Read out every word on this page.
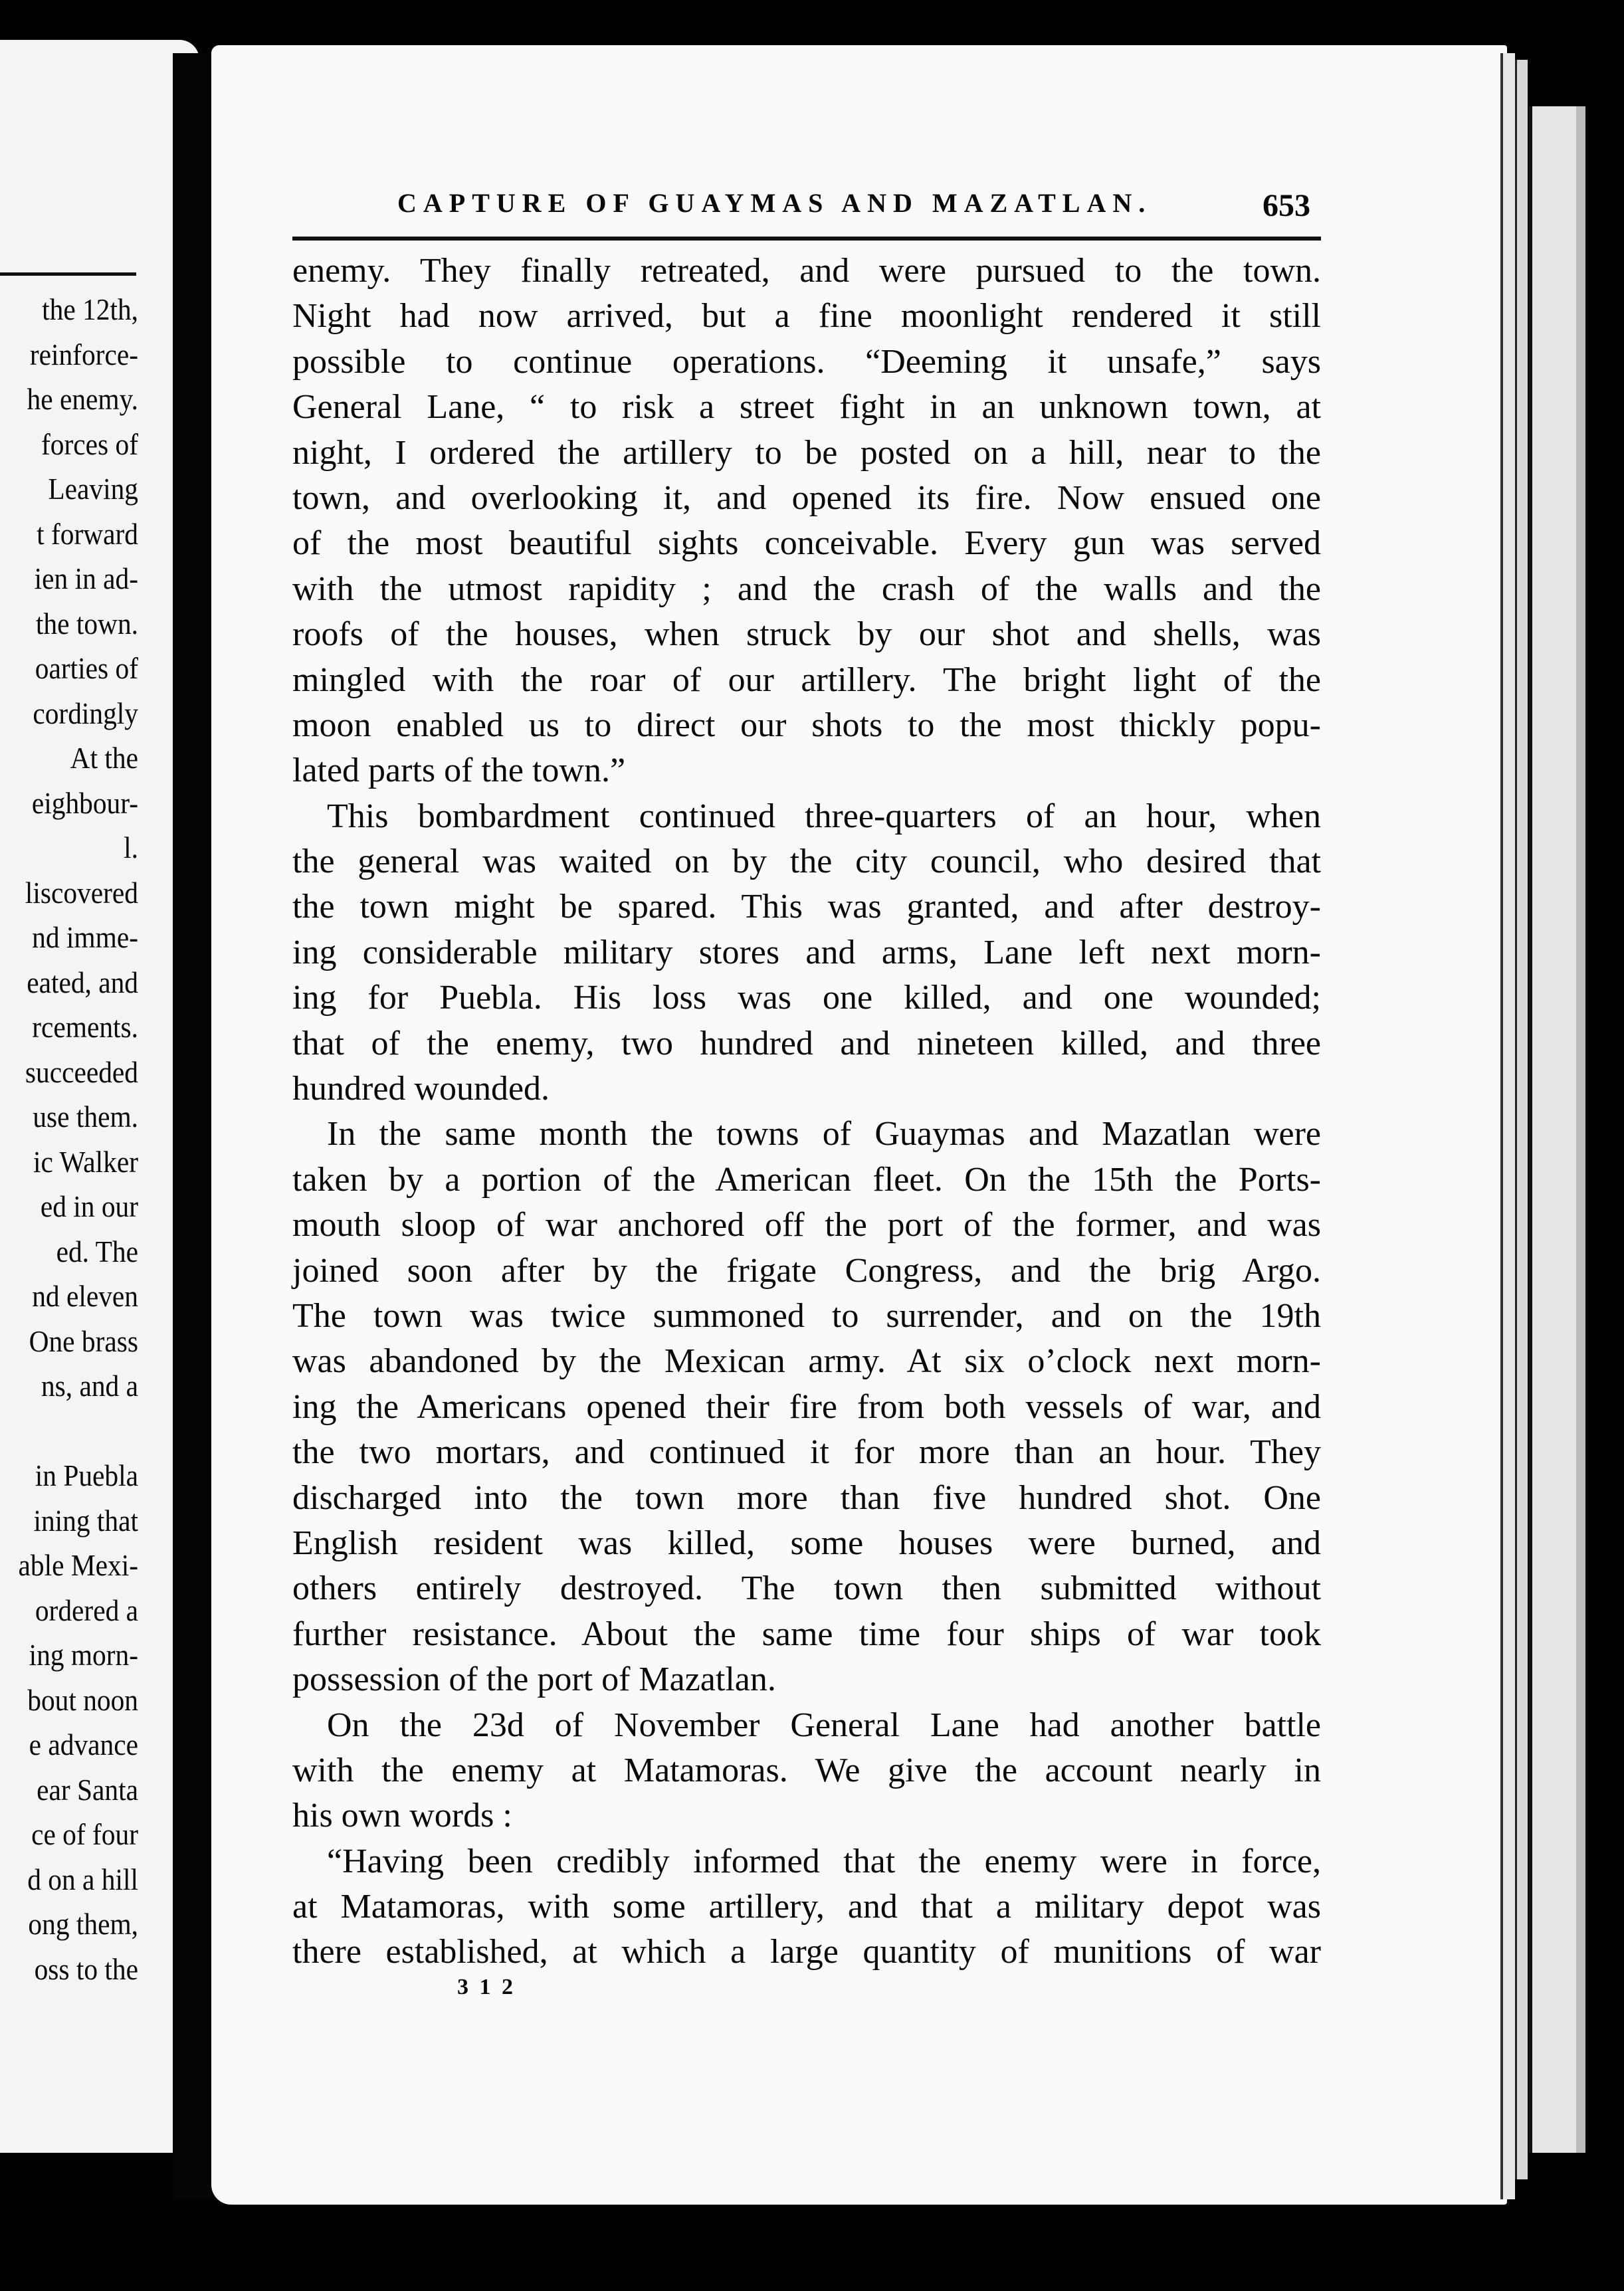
the 12th,
reinforce-
he enemy.
forces of
Leaving
t forward
ien in ad-
the town.
oarties of
cordingly
At the
eighbour-
l.
liscovered
nd imme-
eated, and
rcements.
succeeded
use them.
ic Walker
ed in our
ed. The
nd eleven
One brass
ns, and a
in Puebla
ining that
able Mexi-
ordered a
ing morn-
bout noon
e advance
ear Santa
ce of four
d on a hill
ong them,
oss to the
CAPTURE OF GUAYMAS AND MAZATLAN.	653
enemy. They finally retreated, and were pursued to the town.
Night had now arrived, but a fine moonlight rendered it still
possible to continue operations. “Deeming it unsafe,” says
General Lane, “ to risk a street fight in an unknown town, at
night, I ordered the artillery to be posted on a hill, near to the
town, and overlooking it, and opened its fire. Now ensued one
of the most beautiful sights conceivable. Every gun was served
with the utmost rapidity ; and the crash of the walls and the
roofs of the houses, when struck by our shot and shells, was
mingled with the roar of our artillery. The bright light of the
moon enabled us to direct our shots to the most thickly popu-
lated parts of the town.”
This bombardment continued three-quarters of an hour, when
the general was waited on by the city council, who desired that
the town might be spared. This was granted, and after destroy-
ing considerable military stores and arms, Lane left next morn-
ing for Puebla. His loss was one killed, and one wounded;
that of the enemy, two hundred and nineteen killed, and three
hundred wounded.
In the same month the towns of Guaymas and Mazatlan were
taken by a portion of the American fleet. On the 15th the Ports-
mouth sloop of war anchored off the port of the former, and was
joined soon after by the frigate Congress, and the brig Argo.
The town was twice summoned to surrender, and on the 19th
was abandoned by the Mexican army. At six o’clock next morn-
ing the Americans opened their fire from both vessels of war, and
the two mortars, and continued it for more than an hour. They
discharged into the town more than five hundred shot. One
English resident was killed, some houses were burned, and
others entirely destroyed. The town then submitted without
further resistance. About the same time four ships of war took
possession of the port of Mazatlan.
On the 23d of November General Lane had another battle
with the enemy at Matamoras. We give the account nearly in
his own words :
“Having been credibly informed that the enemy were in force,
at Matamoras, with some artillery, and that a military depot was
there established, at which a large quantity of munitions of war
3 1 2
